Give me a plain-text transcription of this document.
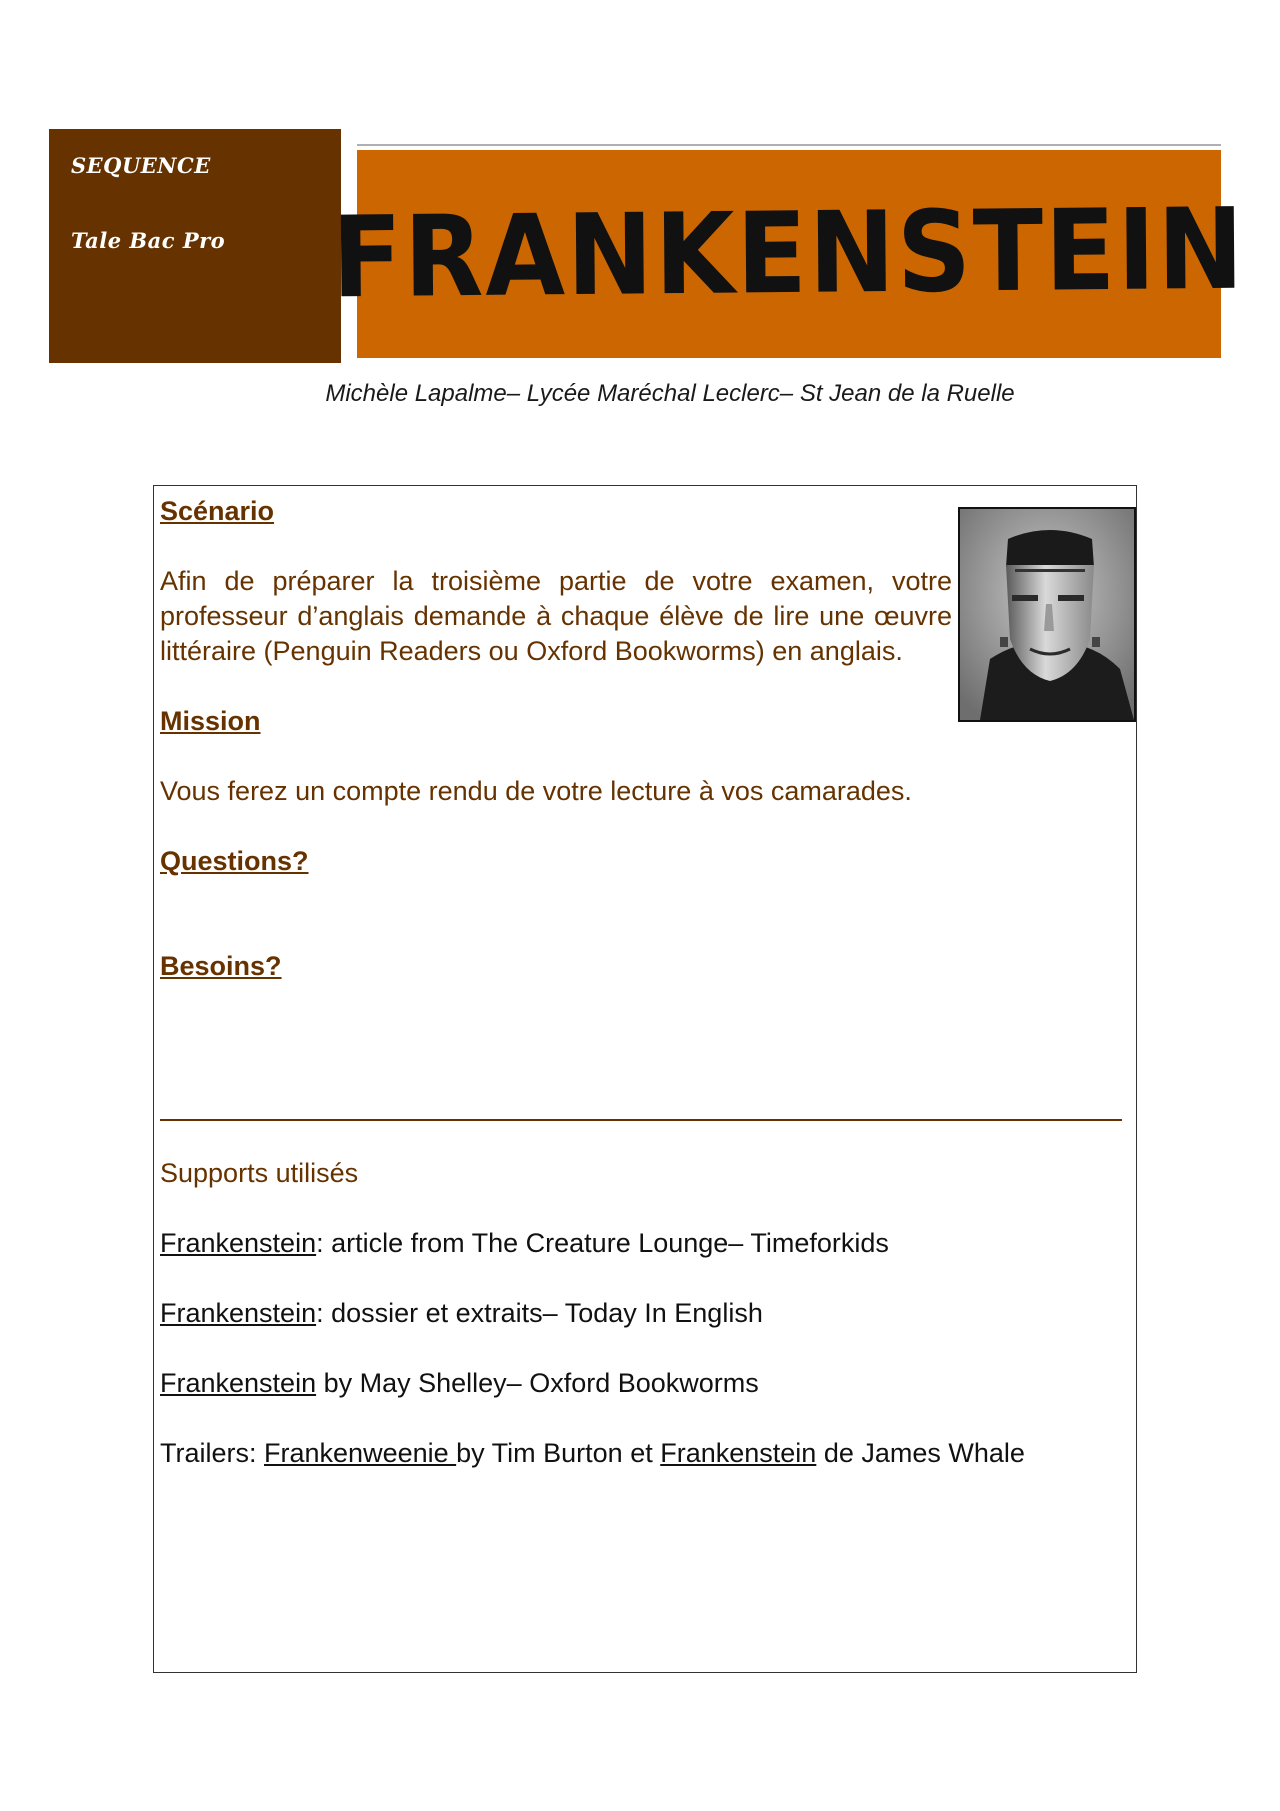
SEQUENCE

Tale Bac Pro FRANKENSTEIN
Michèle Lapalme– Lycée Maréchal Leclerc– St Jean de la Ruelle

Scénario

Afin de préparer la troisième partie de votre examen, votre professeur d’anglais demande à chaque élève de lire une œuvre littéraire (Penguin Readers ou Oxford Bookworms) en anglais.

Mission

Vous ferez un compte rendu de votre lecture à vos camarades.

Questions?

Besoins?

Supports utilisés

Frankenstein: article from The Creature Lounge– Timeforkids

Frankenstein: dossier et extraits– Today In English

Frankenstein by May Shelley– Oxford Bookworms

Trailers: Frankenweenie by Tim Burton et Frankenstein de James Whale
